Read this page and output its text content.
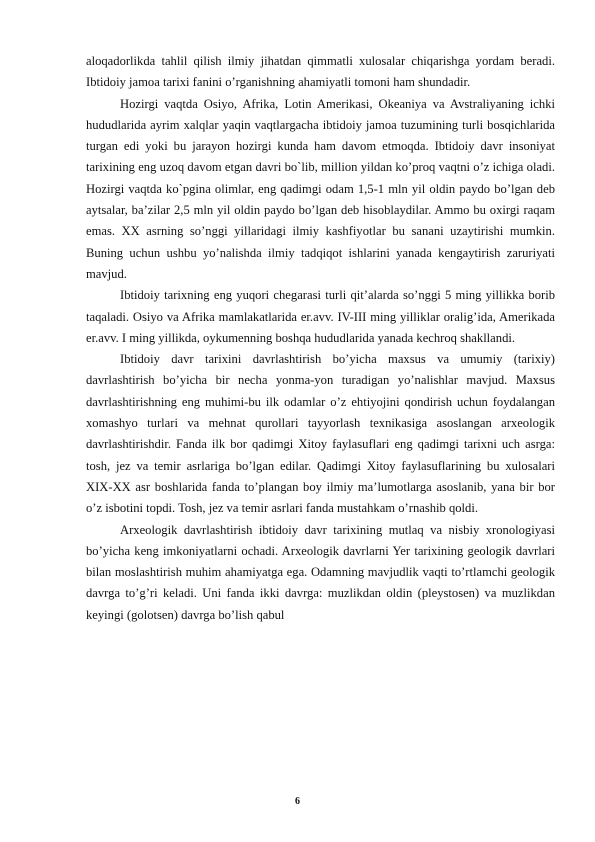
aloqadorlikda tahlil qilish ilmiy jihatdan qimmatli xulosalar chiqarishga yordam beradi. Ibtidoiy jamoa tarixi fanini o’rganishning ahamiyatli tomoni ham shundadir.

Hozirgi vaqtda Osiyo, Afrika, Lotin Amerikasi, Okeaniya va Avstraliyaning ichki hududlarida ayrim xalqlar yaqin vaqtlargacha ibtidoiy jamoa tuzumining turli bosqichlarida turgan edi yoki bu jarayon hozirgi kunda ham davom etmoqda. Ibtidoiy davr insoniyat tarixining eng uzoq davom etgan davri bo`lib, million yildan ko’proq vaqtni o’z ichiga oladi. Hozirgi vaqtda ko`pgina olimlar, eng qadimgi odam 1,5-1 mln yil oldin paydo bo’lgan deb aytsalar, ba’zilar 2,5 mln yil oldin paydo bo’lgan deb hisoblaydilar. Ammo bu oxirgi raqam emas. XX asrning so’nggi yillaridagi ilmiy kashfiyotlar bu sanani uzaytirishi mumkin. Buning uchun ushbu yo’nalishda ilmiy tadqiqot ishlarini yanada kengaytirish zaruriyati mavjud.

Ibtidoiy tarixning eng yuqori chegarasi turli qit’alarda so’nggi 5 ming yillikka borib taqaladi. Osiyo va Afrika mamlakatlarida er.avv. IV-III ming yilliklar oralig’ida, Amerikada er.avv. I ming yillikda, oykumenning boshqa hududlarida yanada kechroq shakllandi.

Ibtidoiy davr tarixini davrlashtirish bo’yicha maxsus va umumiy (tarixiy) davrlashtirish bo’yicha bir necha yonma-yon turadigan yo’nalishlar mavjud. Maxsus davrlashtirishning eng muhimi-bu ilk odamlar o’z ehtiyojini qondirish uchun foydalangan xomashyo turlari va mehnat qurollari tayyorlash texnikasiga asoslangan arxeologik davrlashtirishdir. Fanda ilk bor qadimgi Xitoy faylasuflari eng qadimgi tarixni uch asrga: tosh, jez va temir asrlariga bo’lgan edilar. Qadimgi Xitoy faylasuflarining bu xulosalari XIX-XX asr boshlarida fanda to’plangan boy ilmiy ma’lumotlarga asoslanib, yana bir bor o’z isbotini topdi. Tosh, jez va temir asrlari fanda mustahkam o’rnashib qoldi.

Arxeologik davrlashtirish ibtidoiy davr tarixining mutlaq va nisbiy xronologiyasi bo’yicha keng imkoniyatlarni ochadi. Arxeologik davrlarni Yer tarixining geologik davrlari bilan moslashtirish muhim ahamiyatga ega. Odamning mavjudlik vaqti to’rtlamchi geologik davrga to’g’ri keladi. Uni fanda ikki davrga: muzlikdan oldin (pleystosen) va muzlikdan keyingi (golotsen) davrga bo’lish qabul

6
